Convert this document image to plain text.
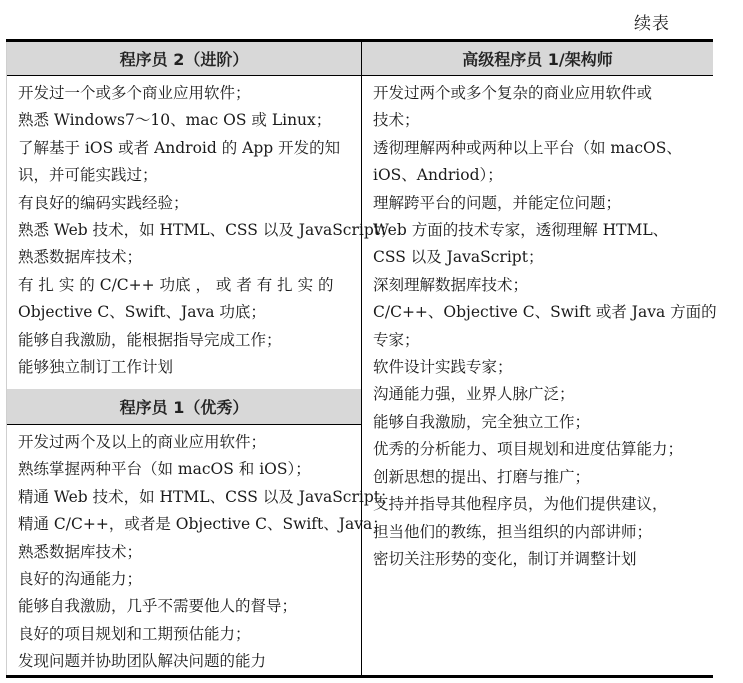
续表
程序员 2（进阶）
开发过一个或多个商业应用软件；
熟悉 Windows7～10、mac OS 或 Linux；
了解基于 iOS 或者 Android 的 App 开发的知
识，并可能实践过；
有良好的编码实践经验；
熟悉 Web 技术，如 HTML、CSS 以及 JavaScript；
熟悉数据库技术；
有 扎 实 的 C/C++ 功底 ， 或 者 有 扎 实 的
Objective C、Swift、Java 功底；
能够自我激励，能根据指导完成工作；
能够独立制订工作计划
程序员 1（优秀）
开发过两个及以上的商业应用软件；
熟练掌握两种平台（如 macOS 和 iOS）；
精通 Web 技术，如 HTML、CSS 以及 JavaScript；
精通 C/C++，或者是 Objective C、Swift、Java；
熟悉数据库技术；
良好的沟通能力；
能够自我激励，几乎不需要他人的督导；
良好的项目规划和工期预估能力；
发现问题并协助团队解决问题的能力
高级程序员 1/架构师
开发过两个或多个复杂的商业应用软件或
技术；
透彻理解两种或两种以上平台（如 macOS、
iOS、Andriod）；
理解跨平台的问题，并能定位问题；
Web 方面的技术专家，透彻理解 HTML、
CSS 以及 JavaScript；
深刻理解数据库技术；
C/C++、Objective C、Swift 或者 Java 方面的
专家；
软件设计实践专家；
沟通能力强，业界人脉广泛；
能够自我激励，完全独立工作；
优秀的分析能力、项目规划和进度估算能力；
创新思想的提出、打磨与推广；
支持并指导其他程序员，为他们提供建议，
担当他们的教练，担当组织的内部讲师；
密切关注形势的变化，制订并调整计划
